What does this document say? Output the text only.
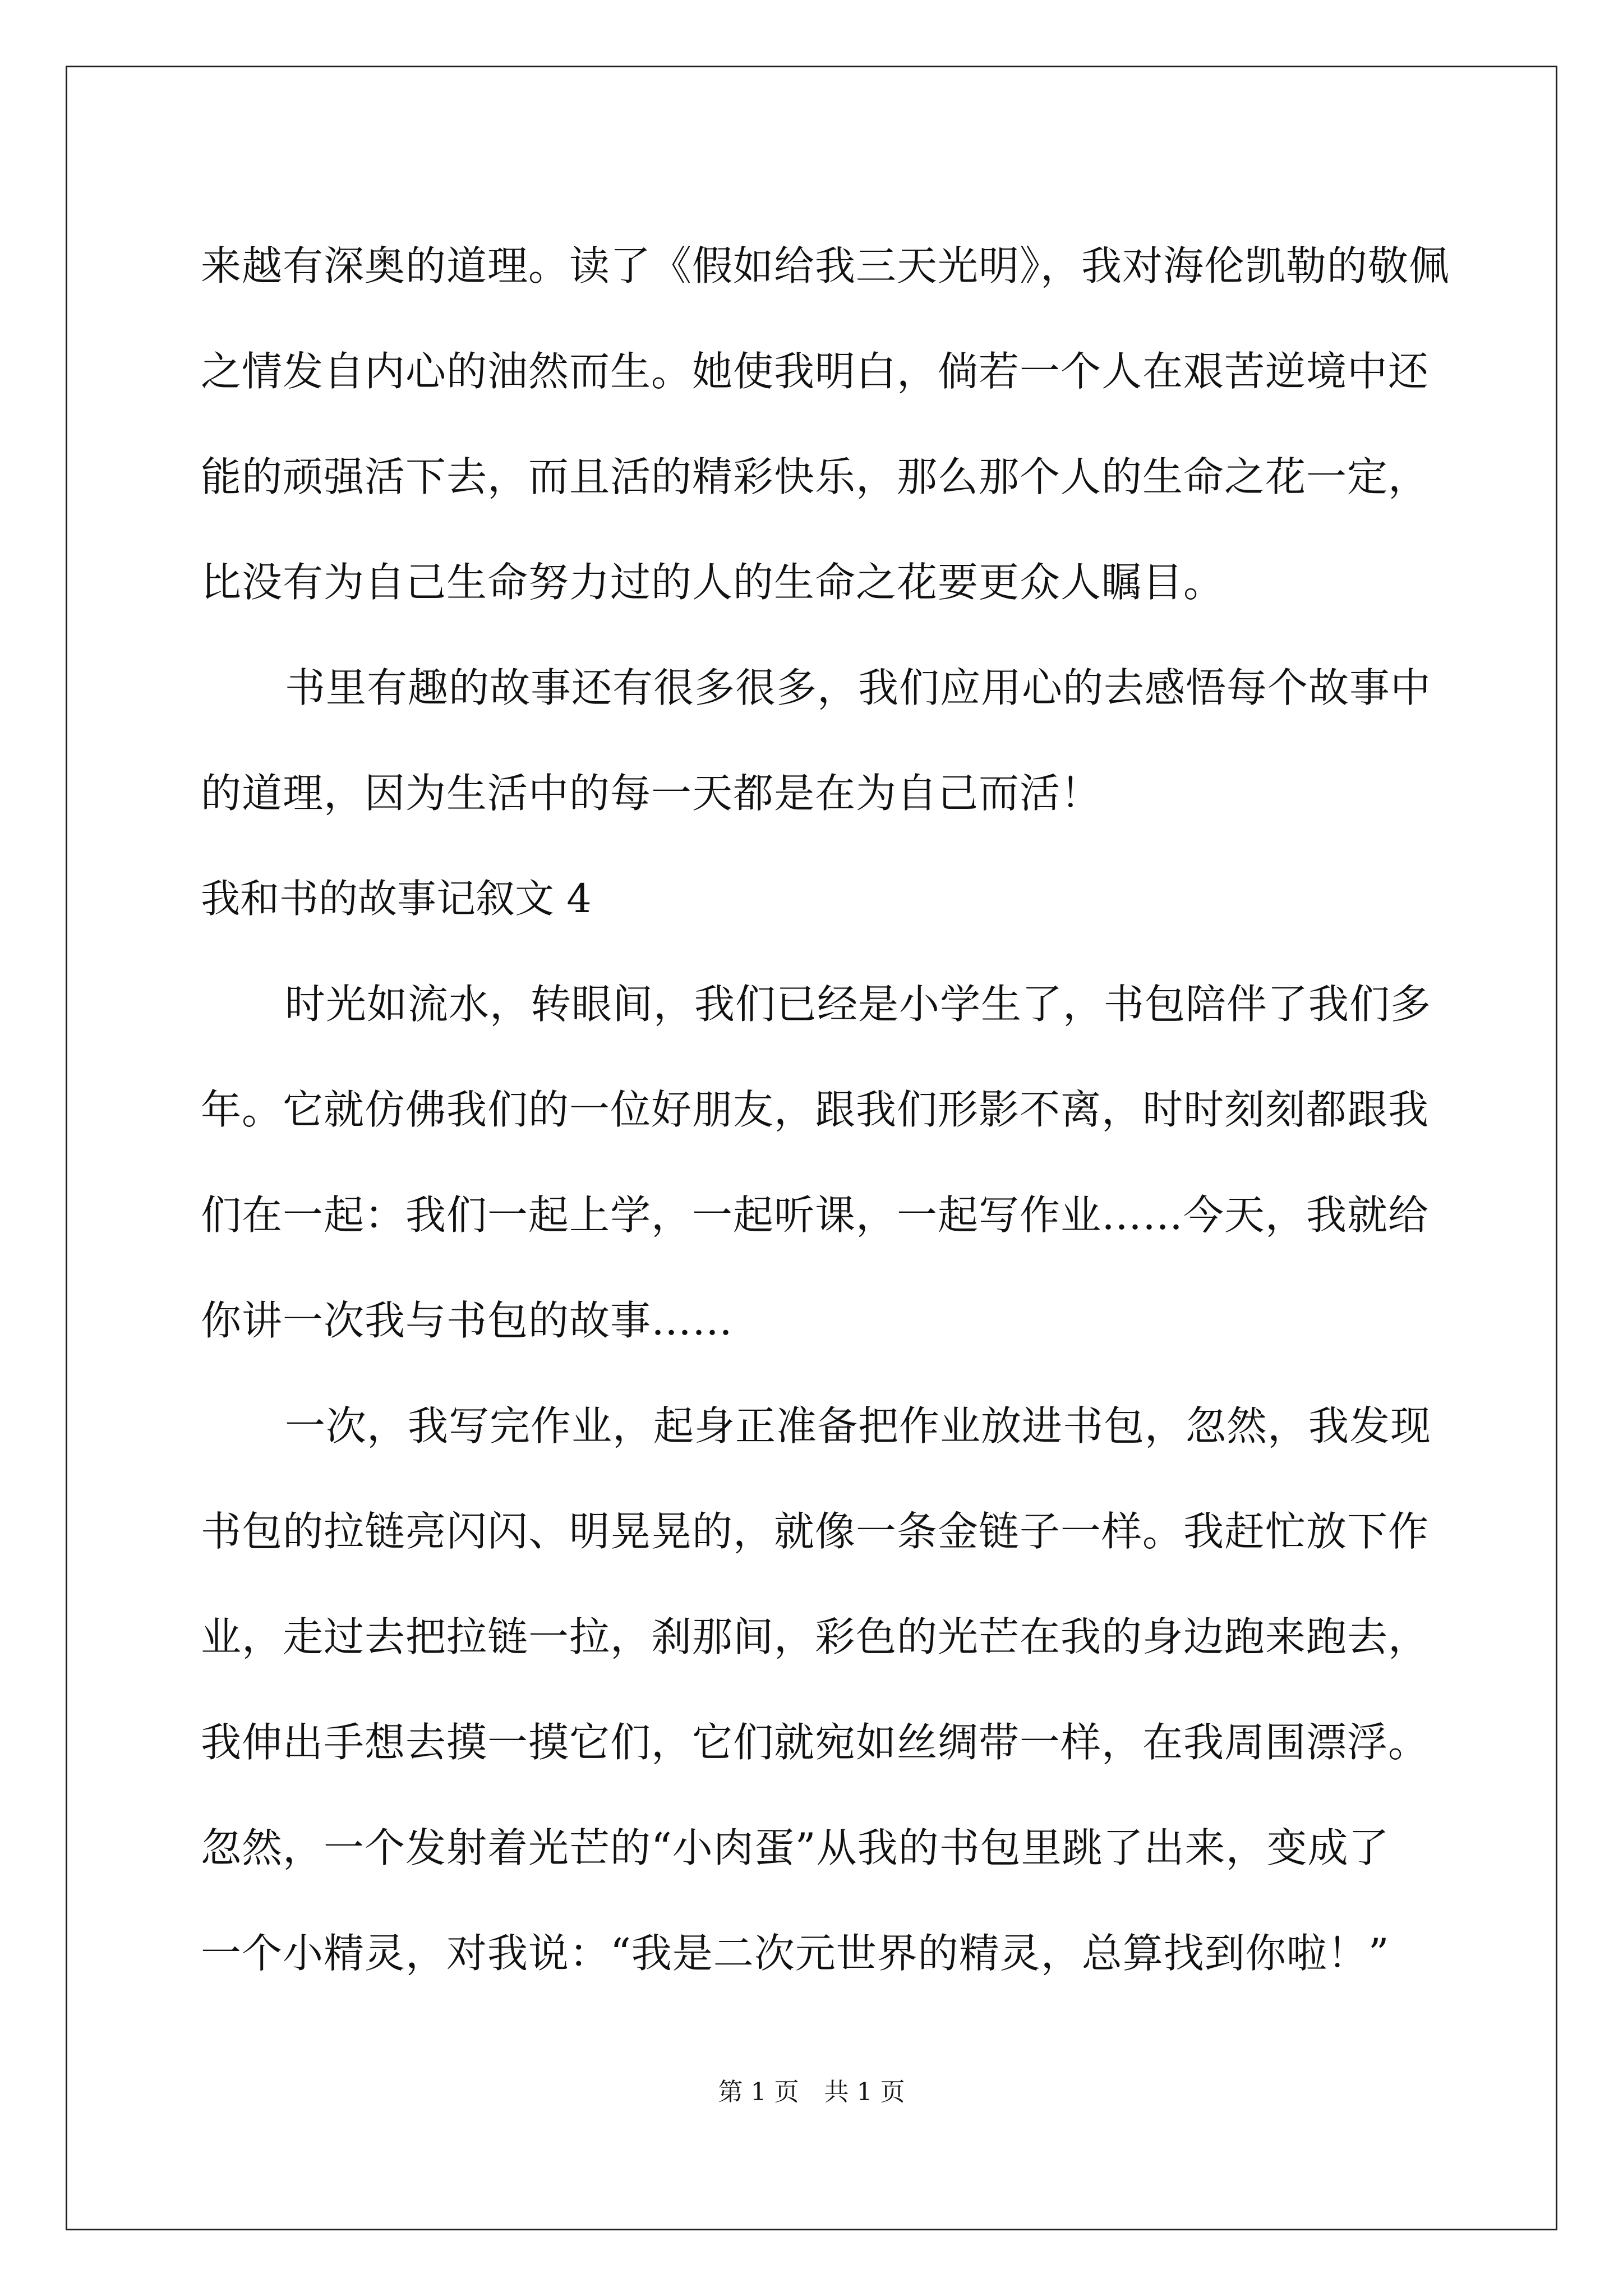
来越有深奥的道理。读了《假如给我三天光明》，我对海伦凯勒的敬佩
之情发自内心的油然而生。她使我明白，倘若一个人在艰苦逆境中还
能的顽强活下去，而且活的精彩快乐，那么那个人的生命之花一定，
比没有为自己生命努力过的人的生命之花要更众人瞩目。
书里有趣的故事还有很多很多，我们应用心的去感悟每个故事中
的道理，因为生活中的每一天都是在为自己而活！
我和书的故事记叙文 4
时光如流水，转眼间，我们已经是小学生了，书包陪伴了我们多
年。它就仿佛我们的一位好朋友，跟我们形影不离，时时刻刻都跟我
们在一起：我们一起上学，一起听课，一起写作业……今天，我就给
你讲一次我与书包的故事……
一次，我写完作业，起身正准备把作业放进书包，忽然，我发现
书包的拉链亮闪闪、明晃晃的，就像一条金链子一样。我赶忙放下作
业，走过去把拉链一拉，刹那间，彩色的光芒在我的身边跑来跑去，
我伸出手想去摸一摸它们，它们就宛如丝绸带一样，在我周围漂浮。
忽然，一个发射着光芒的“小肉蛋”从我的书包里跳了出来，变成了
一个小精灵，对我说：“我是二次元世界的精灵，总算找到你啦！”
第 1 页 共 1 页
